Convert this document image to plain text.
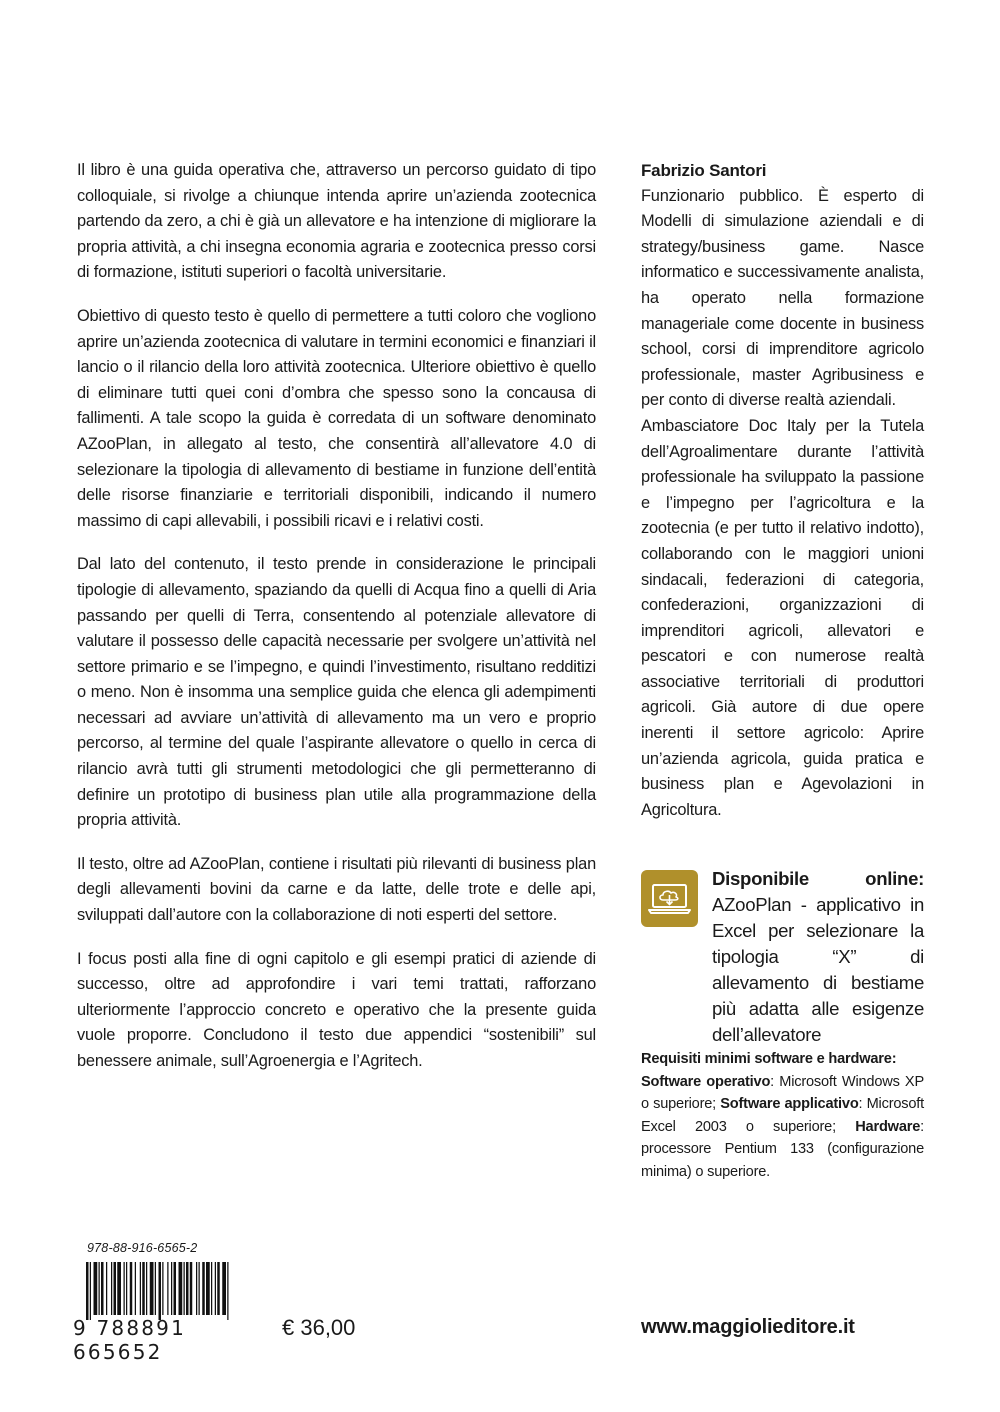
Il libro è una guida operativa che, attraverso un percorso guidato di tipo colloquiale, si rivolge a chiunque intenda aprire un’azienda zootecnica partendo da zero, a chi è già un allevatore e ha intenzione di migliorare la propria attività, a chi insegna economia agraria e zootecnica presso corsi di formazione, istituti superiori o facoltà universitarie.

Obiettivo di questo testo è quello di permettere a tutti coloro che vogliono aprire un’azienda zootecnica di valutare in termini economici e finanziari il lancio o il rilancio della loro attività zootecnica. Ulteriore obiettivo è quello di eliminare tutti quei coni d’ombra che spesso sono la concausa di fallimenti. A tale scopo la guida è corredata di un software denominato AZooPlan, in allegato al testo, che consentirà all’allevatore 4.0 di selezionare la tipologia di allevamento di bestiame in funzione dell’entità delle risorse finanziarie e territoriali disponibili, indicando il numero massimo di capi allevabili, i possibili ricavi e i relativi costi.

Dal lato del contenuto, il testo prende in considerazione le principali tipologie di allevamento, spaziando da quelli di Acqua fino a quelli di Aria passando per quelli di Terra, consentendo al potenziale allevatore di valutare il possesso delle capacità necessarie per svolgere un’attività nel settore primario e se l’impegno, e quindi l’investimento, risultano redditizi o meno. Non è insomma una semplice guida che elenca gli adempimenti necessari ad avviare un’attività di allevamento ma un vero e proprio percorso, al termine del quale l’aspirante allevatore o quello in cerca di rilancio avrà tutti gli strumenti metodologici che gli permetteranno di definire un prototipo di business plan utile alla programmazione della propria attività.

Il testo, oltre ad AZooPlan, contiene i risultati più rilevanti di business plan degli allevamenti bovini da carne e da latte, delle trote e delle api, sviluppati dall’autore con la collaborazione di noti esperti del settore.

I focus posti alla fine di ogni capitolo e gli esempi pratici di aziende di successo, oltre ad approfondire i vari temi trattati, rafforzano ulteriormente l’approccio concreto e operativo che la presente guida vuole proporre. Concludono il testo due appendici “sostenibili” sul benessere animale, sull’Agroenergia e l’Agritech.

Fabrizio Santori

Funzionario pubblico. È esperto di Modelli di simulazione aziendali e di strategy/business game. Nasce informatico e successivamente analista, ha operato nella formazione manageriale come docente in business school, corsi di imprenditore agricolo professionale, master Agribusiness e per conto di diverse realtà aziendali.

Ambasciatore Doc Italy per la Tutela dell’Agroalimentare durante l’attività professionale ha sviluppato la passione e l’impegno per l’agricoltura e la zootecnia (e per tutto il relativo indotto), collaborando con le maggiori unioni sindacali, federazioni di categoria, confederazioni, organizzazioni di imprenditori agricoli, allevatori e pescatori e con numerose realtà associative territoriali di produttori agricoli. Già autore di due opere inerenti il settore agricolo: Aprire un’azienda agricola, guida pratica e business plan e Agevolazioni in Agricoltura.

Disponibile online: AZooPlan - applicativo in Excel per selezionare la tipologia “X” di allevamento di bestiame più adatta alle esigenze dell’allevatore
Requisiti minimi software e hardware:
Software operativo: Microsoft Windows XP o superiore; Software applicativo: Microsoft Excel 2003 o superiore; Hardware: processore Pentium 133 (configurazione minima) o superiore.
978-88-916-6565-2
9 788891 665652
€ 36,00	www.maggiolieditore.it
